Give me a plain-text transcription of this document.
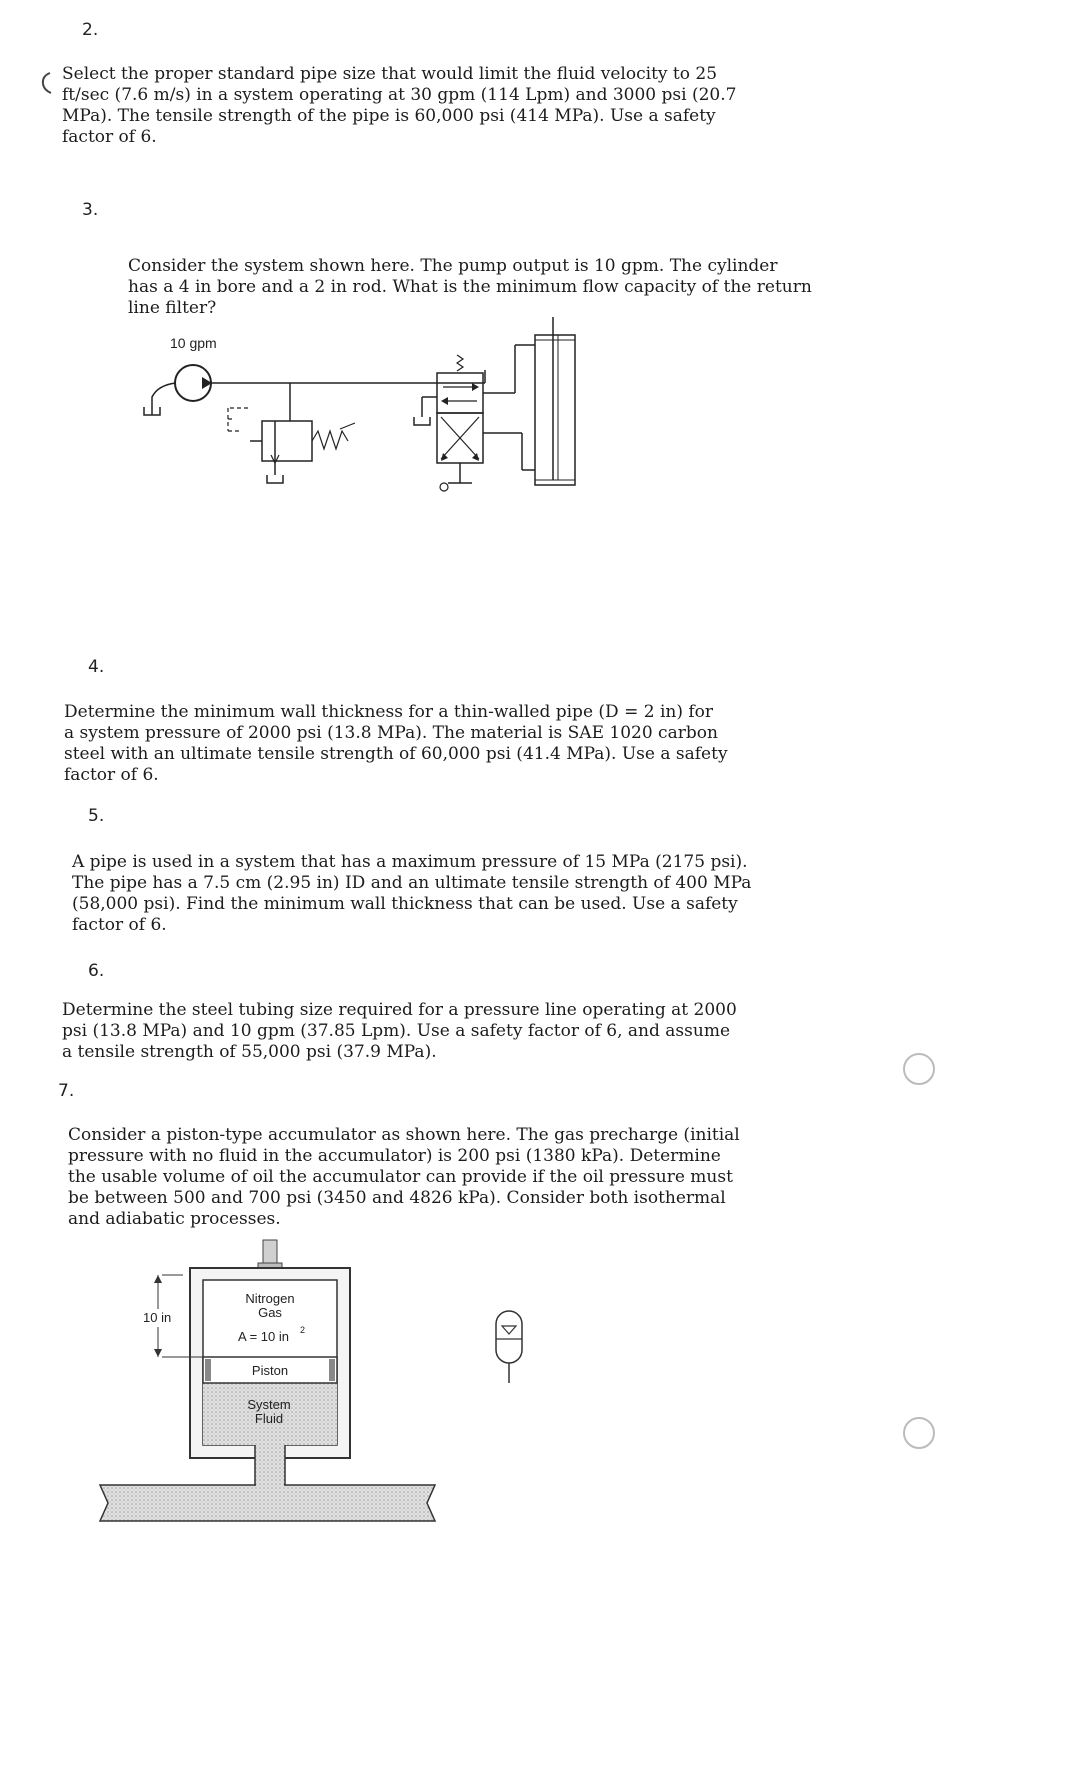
2.

Select the proper standard pipe size that would limit the fluid velocity to 25

ft/sec (7.6 m/s) in a system operating at 30 gpm (114 Lpm) and 3000 psi (20.7

MPa). The tensile strength of the pipe is 60,000 psi (414 MPa). Use a safety

factor of 6.

3.

Consider the system shown here. The pump output is 10 gpm. The cylinder

has a 4 in bore and a 2 in rod. What is the minimum flow capacity of the return

line filter?

10 gpm
4.

Determine the minimum wall thickness for a thin-walled pipe (D = 2 in) for

a system pressure of 2000 psi (13.8 MPa). The material is SAE 1020 carbon

steel with an ultimate tensile strength of 60,000 psi (41.4 MPa). Use a safety

factor of 6.

5.

A pipe is used in a system that has a maximum pressure of 15 MPa (2175 psi).

The pipe has a 7.5 cm (2.95 in) ID and an ultimate tensile strength of 400 MPa

(58,000 psi). Find the minimum wall thickness that can be used. Use a safety

factor of 6.

6.

Determine the steel tubing size required for a pressure line operating at 2000

psi (13.8 MPa) and 10 gpm (37.85 Lpm). Use a safety factor of 6, and assume

a tensile strength of 55,000 psi (37.9 MPa).

7.

Consider a piston-type accumulator as shown here. The gas precharge (initial

pressure with no fluid in the accumulator) is 200 psi (1380 kPa). Determine

the usable volume of oil the accumulator can provide if the oil pressure must

be between 500 and 700 psi (3450 and 4826 kPa). Consider both isothermal

and adiabatic processes.

Piston
Nitrogen
Gas
A = 10 in 2
System
Fluid
10 in
